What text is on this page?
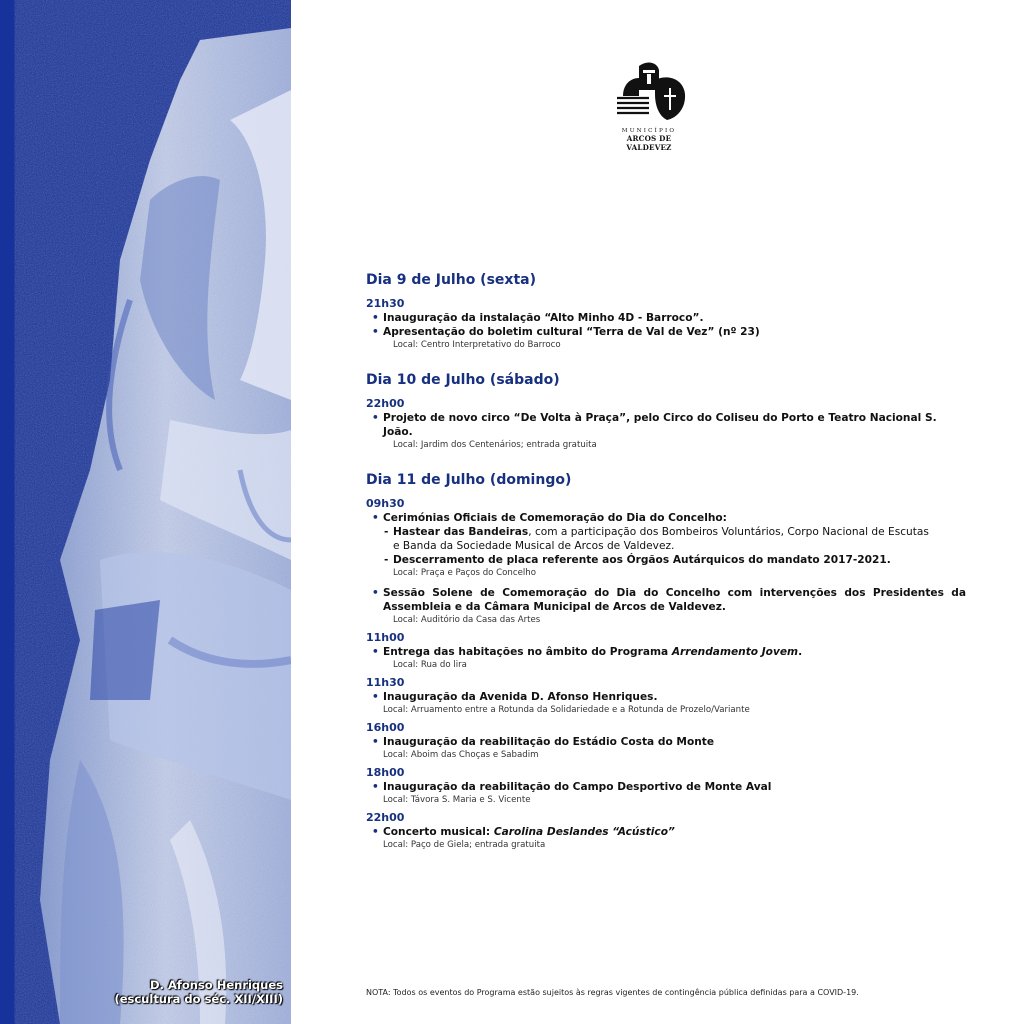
D. Afonso Henriques
(escultura do séc. XII/XIII)
MUNICÍPIO
ARCOS DE VALDEVEZ
Dia 9 de Julho (sexta)
21h30
• Inauguração da instalação “Alto Minho 4D - Barroco”.
• Apresentação do boletim cultural “Terra de Val de Vez” (nº 23)
Local: Centro Interpretativo do Barroco
Dia 10 de Julho (sábado)
22h00
• Projeto de novo circo “De Volta à Praça”, pelo Circo do Coliseu do Porto e Teatro Nacional S. João.
Local: Jardim dos Centenários; entrada gratuita
Dia 11 de Julho (domingo)
09h30
• Cerimónias Oficiais de Comemoração do Dia do Concelho:
- Hastear das Bandeiras, com a participação dos Bombeiros Voluntários, Corpo Nacional de Escutas
e Banda da Sociedade Musical de Arcos de Valdevez.
- Descerramento de placa referente aos Órgãos Autárquicos do mandato 2017-2021.
Local: Praça e Paços do Concelho
• Sessão Solene de Comemoração do Dia do Concelho com intervenções dos Presidentes da Assembleia e da Câmara Municipal de Arcos de Valdevez.
Local: Auditório da Casa das Artes
11h00
• Entrega das habitações no âmbito do Programa Arrendamento Jovem.
Local: Rua do lira
11h30
• Inauguração da Avenida D. Afonso Henriques.
Local: Arruamento entre a Rotunda da Solidariedade e a Rotunda de Prozelo/Variante
16h00
• Inauguração da reabilitação do Estádio Costa do Monte
Local: Aboim das Choças e Sabadim
18h00
• Inauguração da reabilitação do Campo Desportivo de Monte Aval
Local: Távora S. Maria e S. Vicente
22h00
• Concerto musical: Carolina Deslandes “Acústico”
Local: Paço de Giela; entrada gratuita
NOTA: Todos os eventos do Programa estão sujeitos às regras vigentes de contingência pública definidas para a COVID-19.
